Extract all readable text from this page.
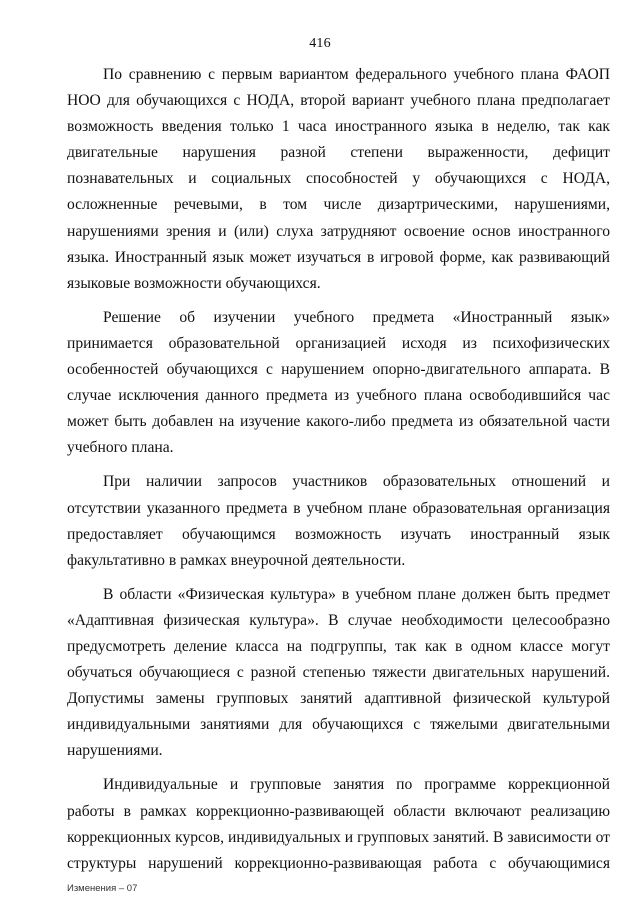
416

По сравнению с первым вариантом федерального учебного плана ФАОП НОО для обучающихся с НОДА, второй вариант учебного плана предполагает возможность введения только 1 часа иностранного языка в неделю, так как двигательные нарушения разной степени выраженности, дефицит познавательных и социальных способностей у обучающихся с НОДА, осложненные речевыми, в том числе дизартрическими, нарушениями, нарушениями зрения и (или) слуха затрудняют освоение основ иностранного языка. Иностранный язык может изучаться в игровой форме, как развивающий языковые возможности обучающихся.

Решение об изучении учебного предмета «Иностранный язык» принимается образовательной организацией исходя из психофизических особенностей обучающихся с нарушением опорно-двигательного аппарата. В случае исключения данного предмета из учебного плана освободившийся час может быть добавлен на изучение какого-либо предмета из обязательной части учебного плана.

При наличии запросов участников образовательных отношений и отсутствии указанного предмета в учебном плане образовательная организация предоставляет обучающимся возможность изучать иностранный язык факультативно в рамках внеурочной деятельности.

В области «Физическая культура» в учебном плане должен быть предмет «Адаптивная физическая культура». В случае необходимости целесообразно предусмотреть деление класса на подгруппы, так как в одном классе могут обучаться обучающиеся с разной степенью тяжести двигательных нарушений. Допустимы замены групповых занятий адаптивной физической культурой индивидуальными занятиями для обучающихся с тяжелыми двигательными нарушениями.

Индивидуальные и групповые занятия по программе коррекционной работы в рамках коррекционно-развивающей области включают реализацию коррекционных курсов, индивидуальных и групповых занятий. В зависимости от структуры нарушений коррекционно-развивающая работа с обучающимися

Изменения – 07
